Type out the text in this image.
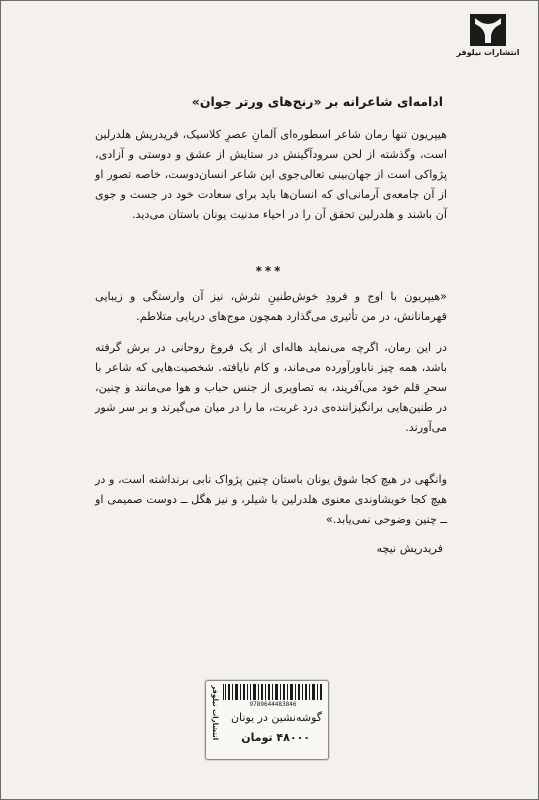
انتشارات نیلوفر
ادامه‌ای شاعرانه بر «رنج‌های ورتر جوان»
هیپریون تنها رمان شاعر اسطوره‌ای آلمانِ عصرِ کلاسیک، فریدریش هلدرلین است، و‌گذشته از لحن سرودآگینش در ستایش از عشق و دوستی و آزادی، پژواکی است از جهان‌بینی تعالی‌جوی این شاعر انسان‌دوست، خاصه تصور او از آن جامعه‌ی آرمانی‌ای که انسان‌ها باید برای سعادت خود در جست و جوی آن باشند و هلدرلین تحقق آن را در احیاء مدنیت یونان باستان می‌دید.
***
«هیپریون با اوج و فرودِ خوش‌طنینِ نثرش، نیز آن وارستگی و زیبایی قهرمانانش، در من تأثیری می‌گذارد همچون موج‌های دریایی متلاطم.
در این رمان، اگرچه می‌نماید هاله‌ای از یک فروغ روحانی در برش گرفته باشد، همه چیز ناباورآورده می‌ماند، و کام نایافته. شخصیت‌هایی که شاعر با سحرِ قلم خود می‌آفریند، به تصاویری از جنس حباب و هوا می‌مانند و چنین، در طنین‌هایی برانگیزاننده‌ی درد غربت، ما را در میان می‌گیرند و بر سر شور می‌آورند.
وانگهی در هیچ کجا شوق یونان باستان چنین پژواک نابی برنداشته است، و در هیچ کجا خویشاوندی معنوی هلدرلین با شیلر، و نیز هگل ــ دوست صمیمی او ــ چنین وضوحی نمی‌یابد.»
فریدریش نیچه
انتشارات نیلوفر	9789644483846
گوشه‌نشین در یونان
۴۸۰۰۰ تومان
